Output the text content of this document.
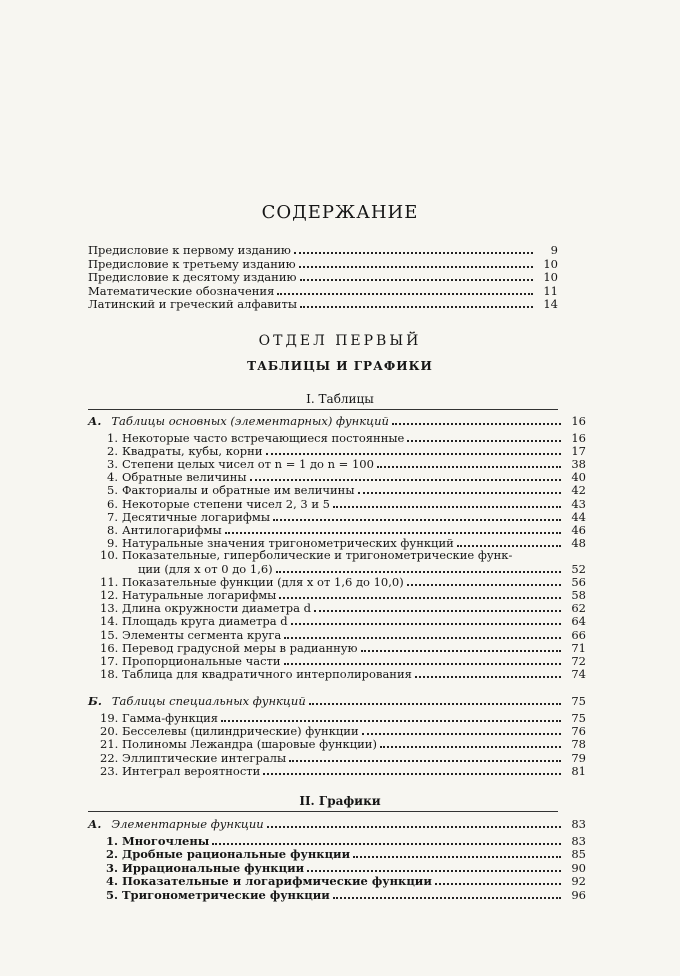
СОДЕРЖАНИЕ
Предисловие к первому изданию	9
Предисловие к третьему изданию	10
Предисловие к десятому изданию	10
Математические обозначения	11
Латинский и греческий алфавиты	14
ОТДЕЛ ПЕРВЫЙ
ТАБЛИЦЫ И ГРАФИКИ
I. Таблицы
А. Таблицы основных (элементарных) функций	16
1. Некоторые часто встречающиеся постоянные	16
2. Квадраты, кубы, корни	17
3. Степени целых чисел от n = 1 до n = 100	38
4. Обратные величины	40
5. Факториалы и обратные им величины	42
6. Некоторые степени чисел 2, 3 и 5	43
7. Десятичные логарифмы	44
8. Антилогарифмы	46
9. Натуральные значения тригонометрических функций	48
10. Показательные, гиперболические и тригонометрические функ-
ции (для x от 0 до 1,6)	52
11. Показательные функции (для x от 1,6 до 10,0)	56
12. Натуральные логарифмы	58
13. Длина окружности диаметра d	62
14. Площадь круга диаметра d	64
15. Элементы сегмента круга	66
16. Перевод градусной меры в радианную	71
17. Пропорциональные части	72
18. Таблица для квадратичного интерполирования	74
Б. Таблицы специальных функций	75
19. Гамма-функция	75
20. Бесселевы (цилиндрические) функции	76
21. Полиномы Лежандра (шаровые функции)	78
22. Эллиптические интегралы	79
23. Интеграл вероятности	81
II. Графики
А. Элементарные функции	83
1. Многочлены	83
2. Дробные рациональные функции	85
3. Иррациональные функции	90
4. Показательные и логарифмические функции	92
5. Тригонометрические функции	96
